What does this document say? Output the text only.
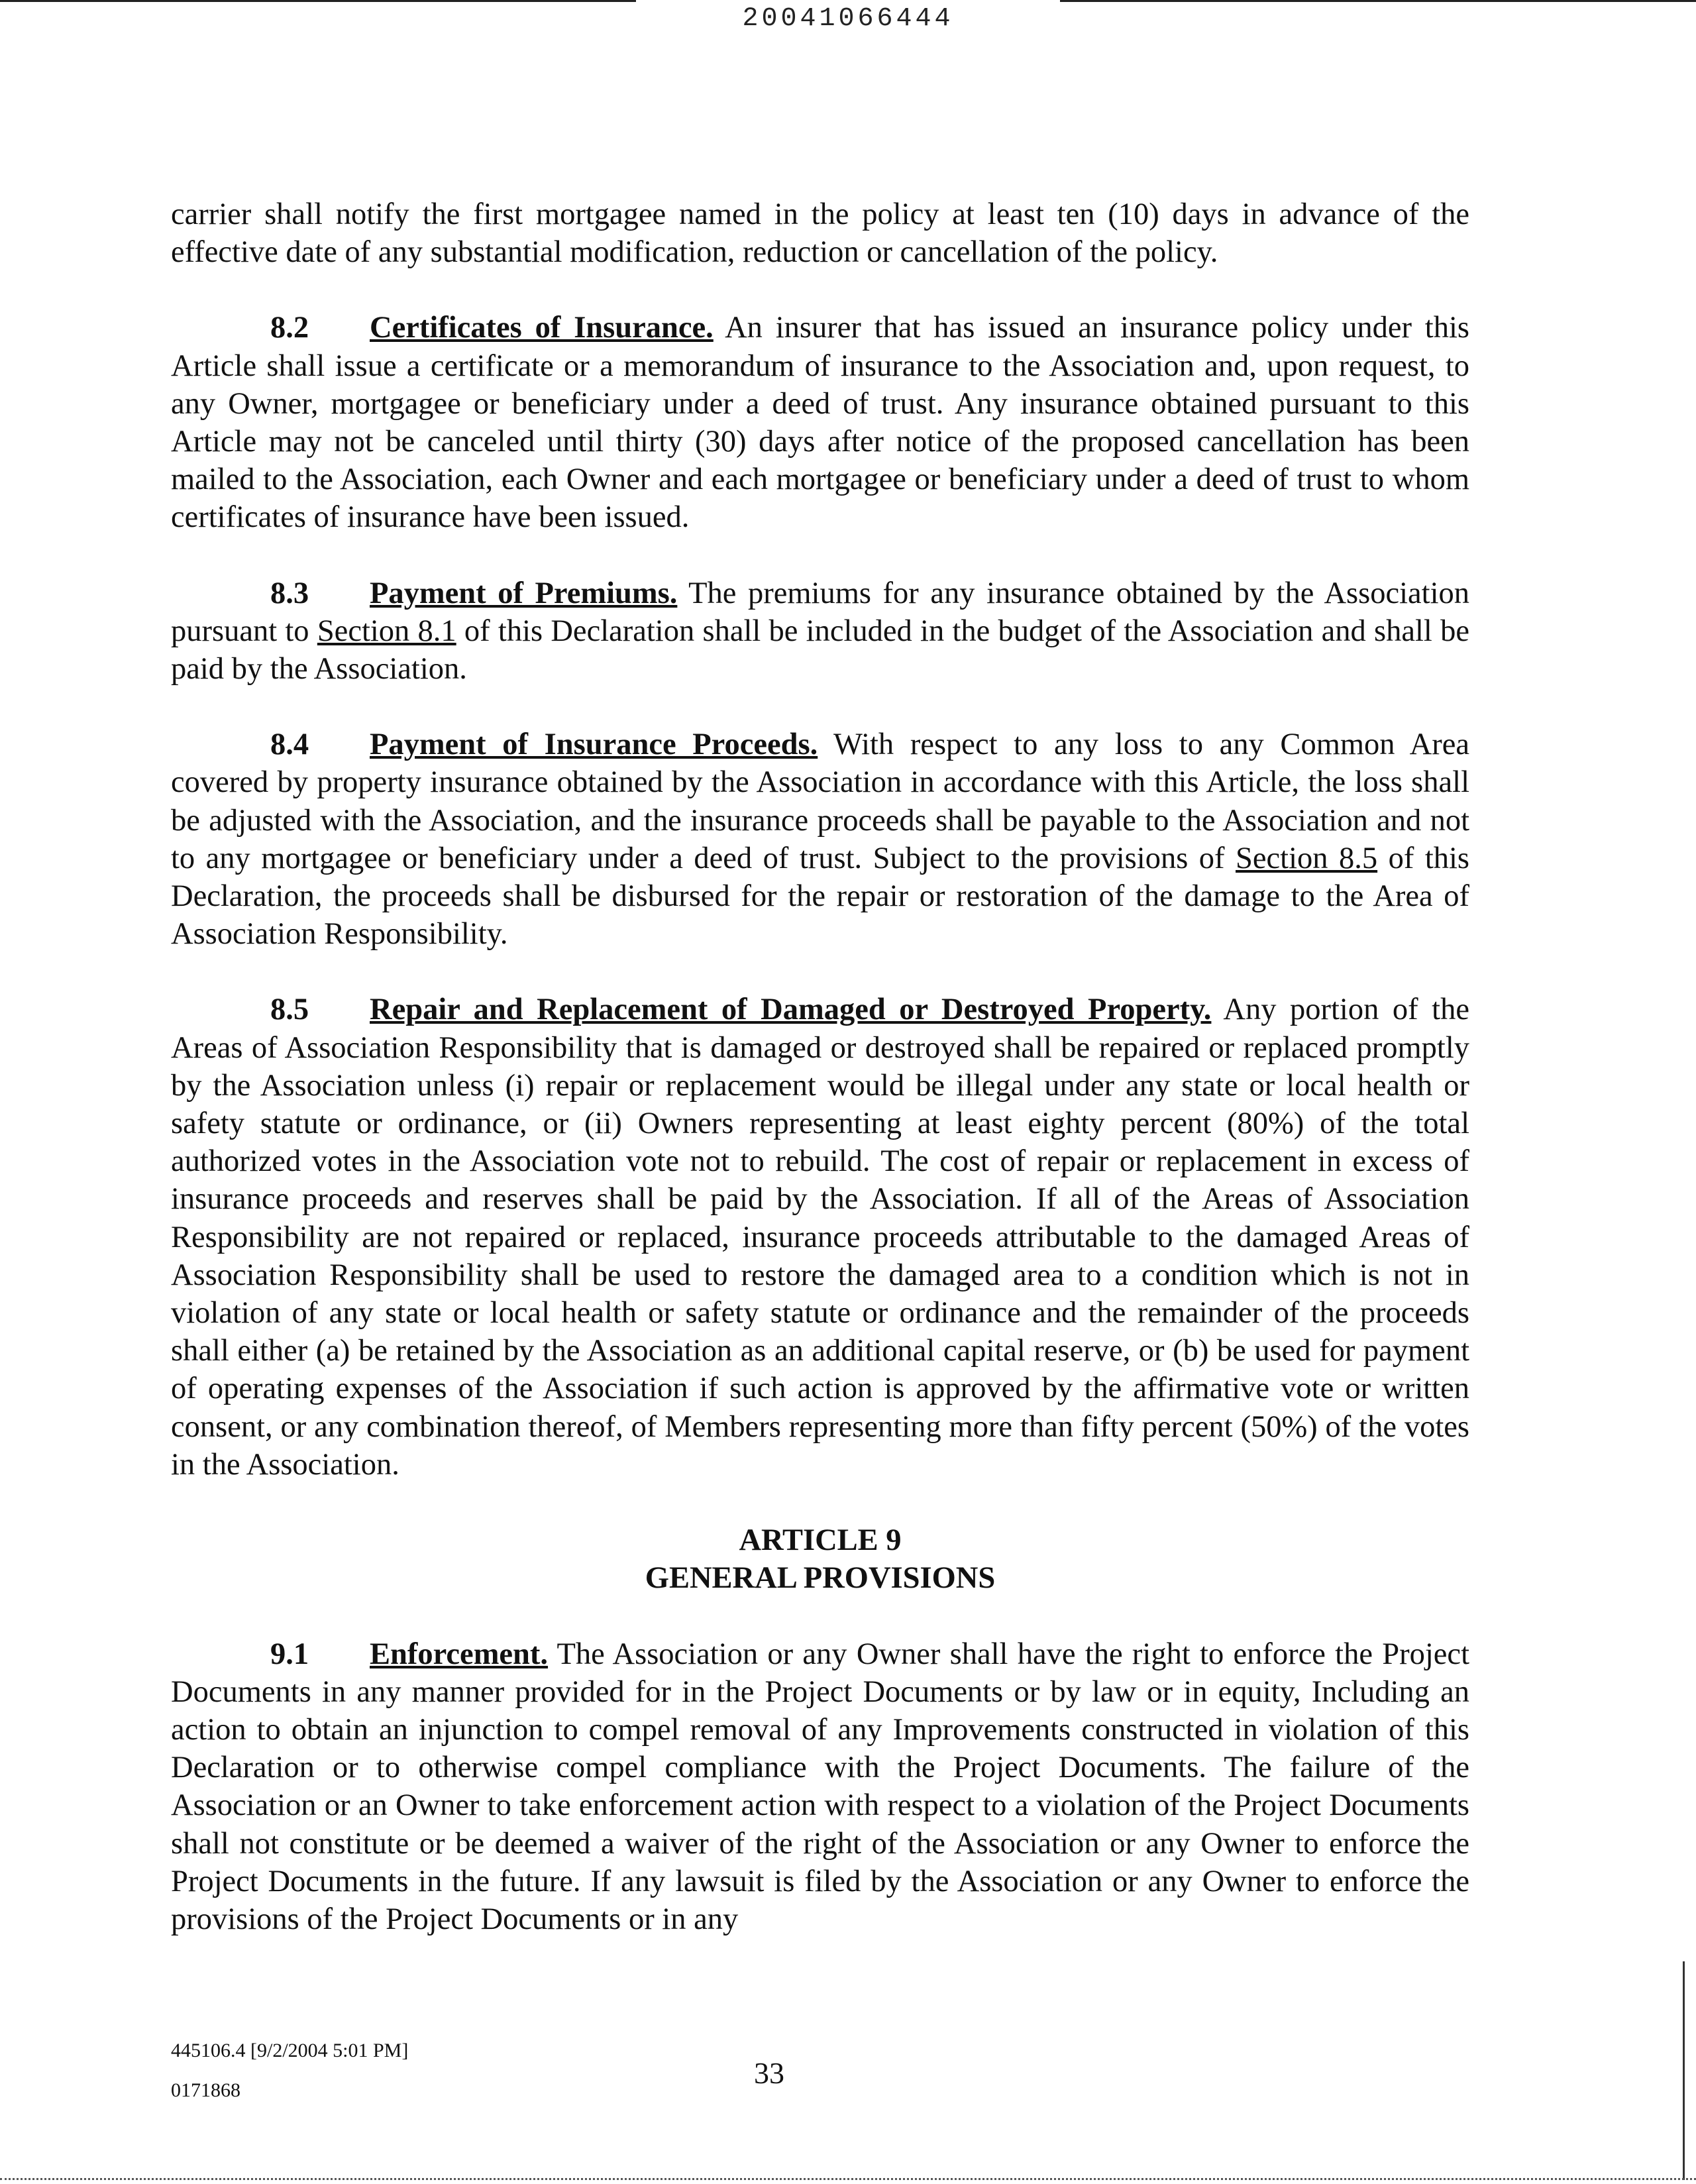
20041066444

carrier shall notify the first mortgagee named in the policy at least ten (10) days in advance of the effective date of any substantial modification, reduction or cancellation of the policy.

8.2 Certificates of Insurance. An insurer that has issued an insurance policy under this Article shall issue a certificate or a memorandum of insurance to the Association and, upon request, to any Owner, mortgagee or beneficiary under a deed of trust. Any insurance obtained pursuant to this Article may not be canceled until thirty (30) days after notice of the proposed cancellation has been mailed to the Association, each Owner and each mortgagee or beneficiary under a deed of trust to whom certificates of insurance have been issued.

8.3 Payment of Premiums. The premiums for any insurance obtained by the Association pursuant to Section 8.1 of this Declaration shall be included in the budget of the Association and shall be paid by the Association.

8.4 Payment of Insurance Proceeds. With respect to any loss to any Common Area covered by property insurance obtained by the Association in accordance with this Article, the loss shall be adjusted with the Association, and the insurance proceeds shall be payable to the Association and not to any mortgagee or beneficiary under a deed of trust. Subject to the provisions of Section 8.5 of this Declaration, the proceeds shall be disbursed for the repair or restoration of the damage to the Area of Association Responsibility.

8.5 Repair and Replacement of Damaged or Destroyed Property. Any portion of the Areas of Association Responsibility that is damaged or destroyed shall be repaired or replaced promptly by the Association unless (i) repair or replacement would be illegal under any state or local health or safety statute or ordinance, or (ii) Owners representing at least eighty percent (80%) of the total authorized votes in the Association vote not to rebuild. The cost of repair or replacement in excess of insurance proceeds and reserves shall be paid by the Association. If all of the Areas of Association Responsibility are not repaired or replaced, insurance proceeds attributable to the damaged Areas of Association Responsibility shall be used to restore the damaged area to a condition which is not in violation of any state or local health or safety statute or ordinance and the remainder of the proceeds shall either (a) be retained by the Association as an additional capital reserve, or (b) be used for payment of operating expenses of the Association if such action is approved by the affirmative vote or written consent, or any combination thereof, of Members representing more than fifty percent (50%) of the votes in the Association.

ARTICLE 9
GENERAL PROVISIONS

9.1 Enforcement. The Association or any Owner shall have the right to enforce the Project Documents in any manner provided for in the Project Documents or by law or in equity, Including an action to obtain an injunction to compel removal of any Improvements constructed in violation of this Declaration or to otherwise compel compliance with the Project Documents. The failure of the Association or an Owner to take enforcement action with respect to a violation of the Project Documents shall not constitute or be deemed a waiver of the right of the Association or any Owner to enforce the Project Documents in the future. If any lawsuit is filed by the Association or any Owner to enforce the provisions of the Project Documents or in any

445106.4 [9/2/2004 5:01 PM]
0171868
33
